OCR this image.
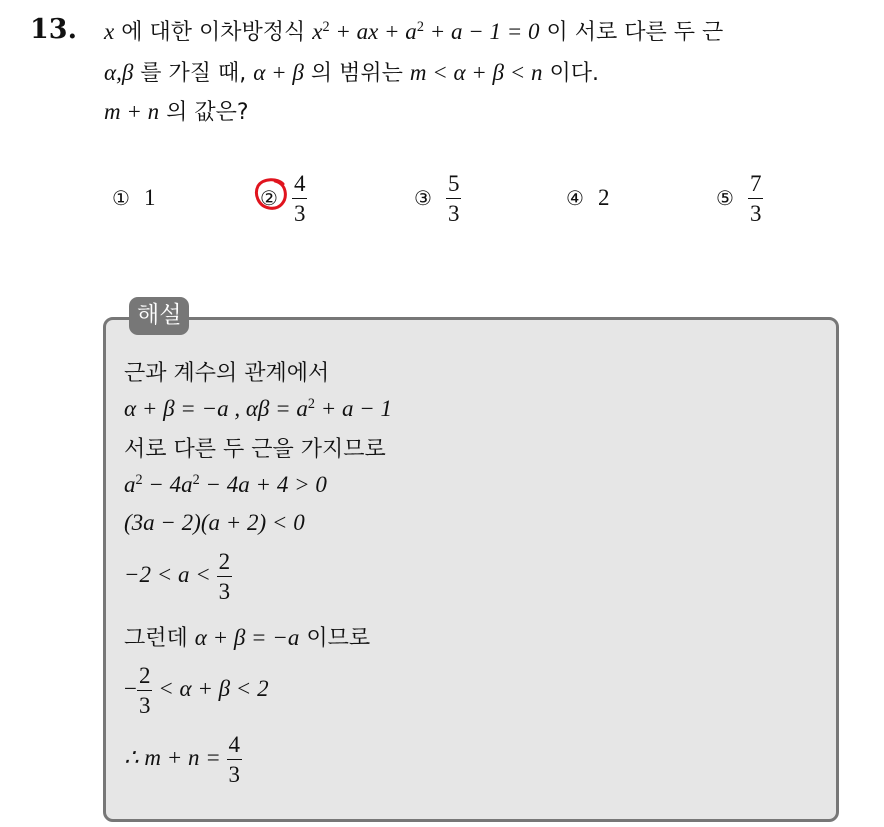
13. x 에 대한 이차방정식 $x^2$ + ax + $a^2 + a - 1 = 0$ 이 서로 다른 두 근
α,β 를 가질 때, α + β 의 범위는 m < α + β < n 이다.
m + n 의 값은?
① 1	② $\frac{4}{3}$	③ $\frac{5}{3}$	④ 2	⑤ $\frac{7}{3}$
해설
근과 계수의 관계에서
α + β = −a , $\alpha\beta = a^2 + a - 1$
서로 다른 두 근을 가지므로
$a^2 - 4a^2 - 4a + 4 > 0$
(3a − 2)(a + 2) < 0
$-2 < a < \frac{2}{3}$
그런데 α + β = −a 이므로
− $\frac{2}{3} < \alpha + \beta < 2$
∴ $m + n = \frac{4}{3}$
